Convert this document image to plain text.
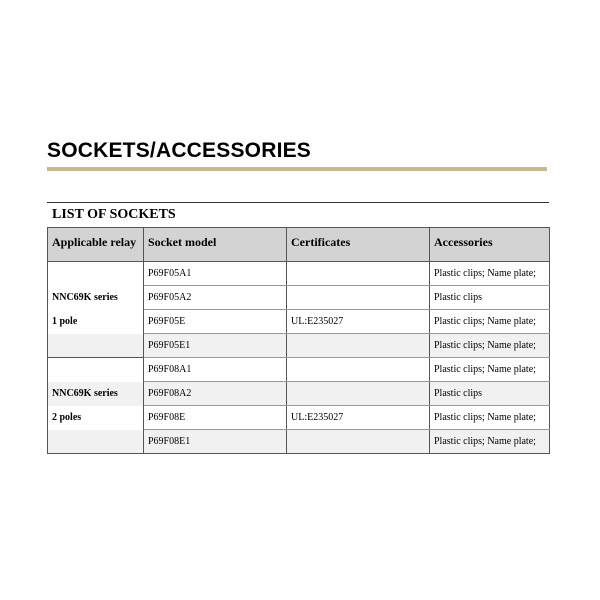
SOCKETS/ACCESSORIES
LIST OF SOCKETS
Applicable relay	Socket model	Certificates	Accessories
	P69F05A1		Plastic clips; Name plate;
NNC69K series	P69F05A2		Plastic clips
1 pole	P69F05E	UL:E235027	Plastic clips; Name plate;
	P69F05E1		Plastic clips; Name plate;
	P69F08A1		Plastic clips; Name plate;
NNC69K series	P69F08A2		Plastic clips
2 poles	P69F08E	UL:E235027	Plastic clips; Name plate;
	P69F08E1		Plastic clips; Name plate;
